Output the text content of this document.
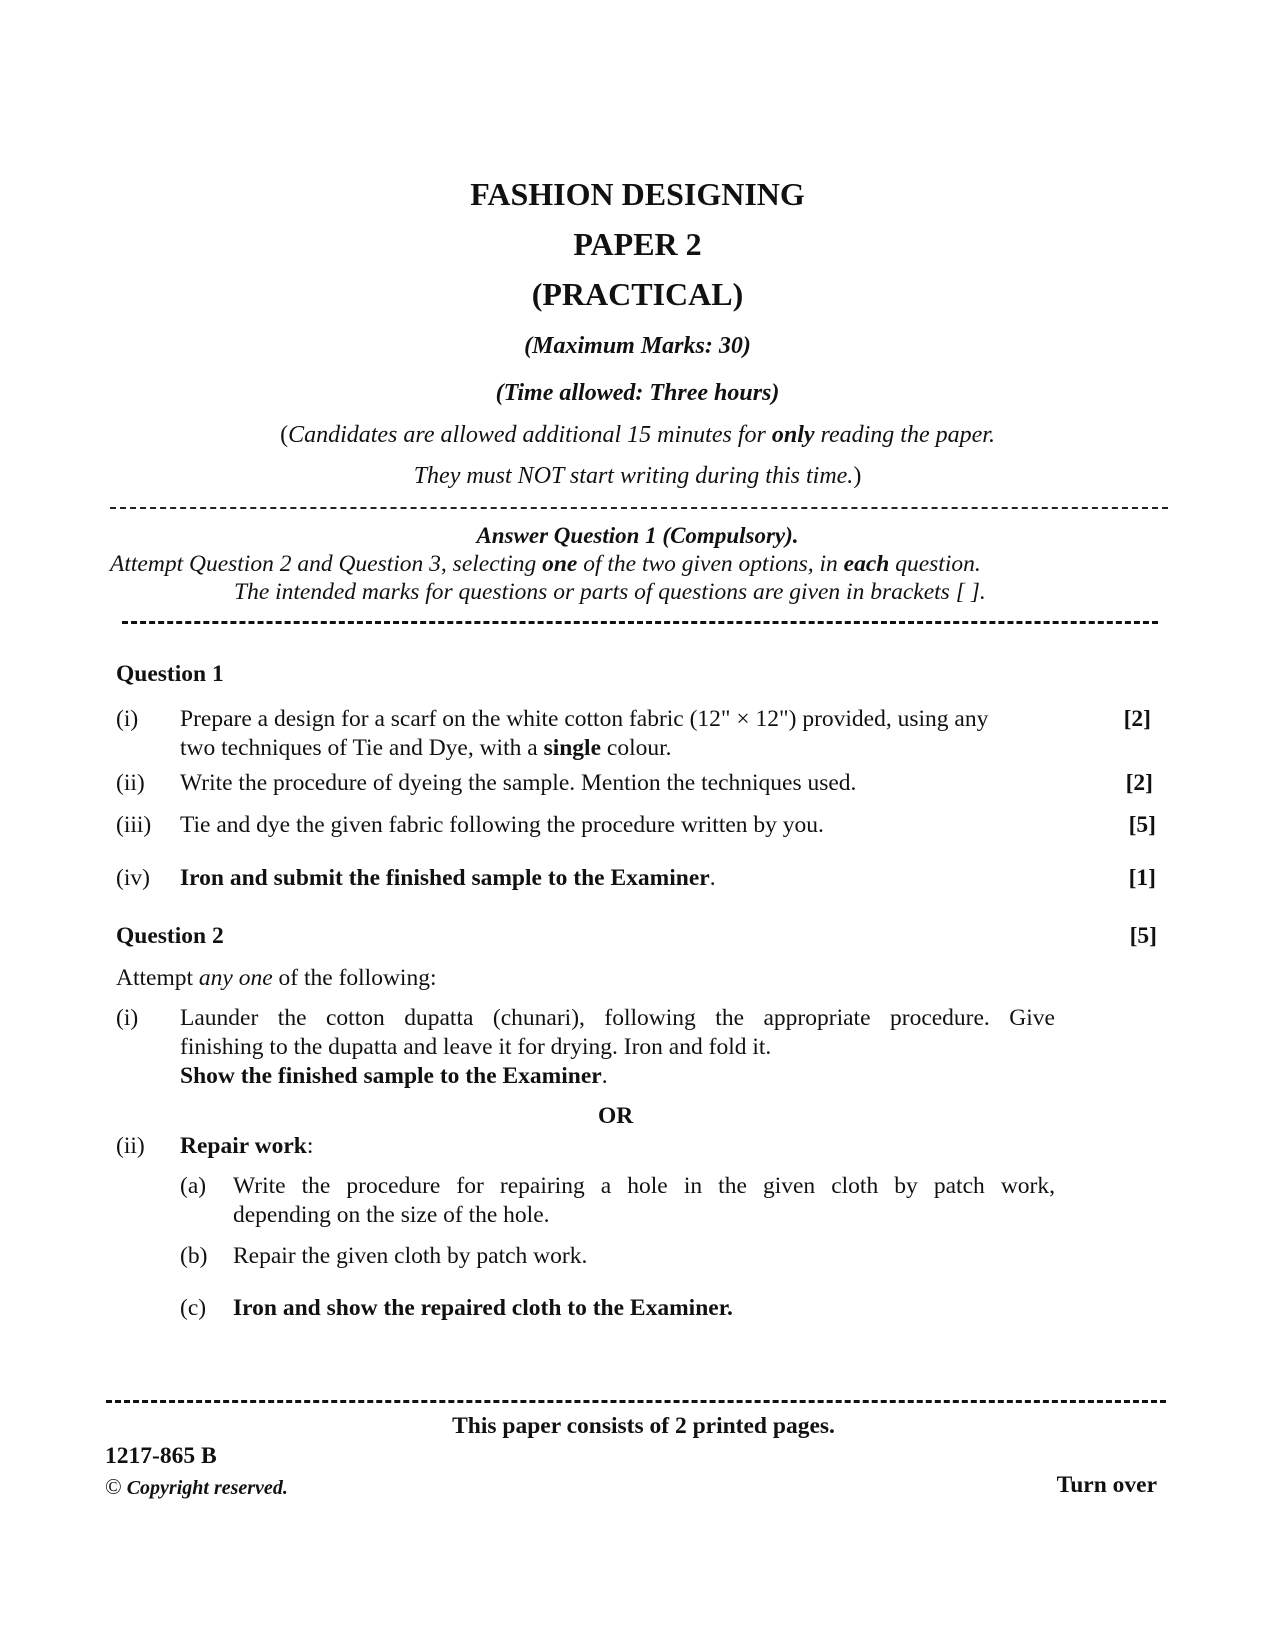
FASHION DESIGNING
PAPER 2
(PRACTICAL)
(Maximum Marks: 30)
(Time allowed: Three hours)
(Candidates are allowed additional 15 minutes for only reading the paper.
They must NOT start writing during this time.)
Answer Question 1 (Compulsory).
Attempt Question 2 and Question 3, selecting one of the two given options, in each question.
The intended marks for questions or parts of questions are given in brackets [ ].
Question 1
(i) Prepare a design for a scarf on the white cotton fabric (12" × 12") provided, using any
two techniques of Tie and Dye, with a single colour.
[2]
(ii) Write the procedure of dyeing the sample. Mention the techniques used.	[2]
(iii) Tie and dye the given fabric following the procedure written by you.	[5]
(iv) Iron and submit the finished sample to the Examiner.	[1]
Question 2	[5]
Attempt any one of the following:
(i) Launder the cotton dupatta (chunari), following the appropriate procedure. Give
finishing to the dupatta and leave it for drying. Iron and fold it.
Show the finished sample to the Examiner.
OR
(ii) Repair work:
(a) Write the procedure for repairing a hole in the given cloth by patch work,
depending on the size of the hole.
(b) Repair the given cloth by patch work.
(c) Iron and show the repaired cloth to the Examiner.
This paper consists of 2 printed pages.
1217-865 B
© Copyright reserved.	Turn over
